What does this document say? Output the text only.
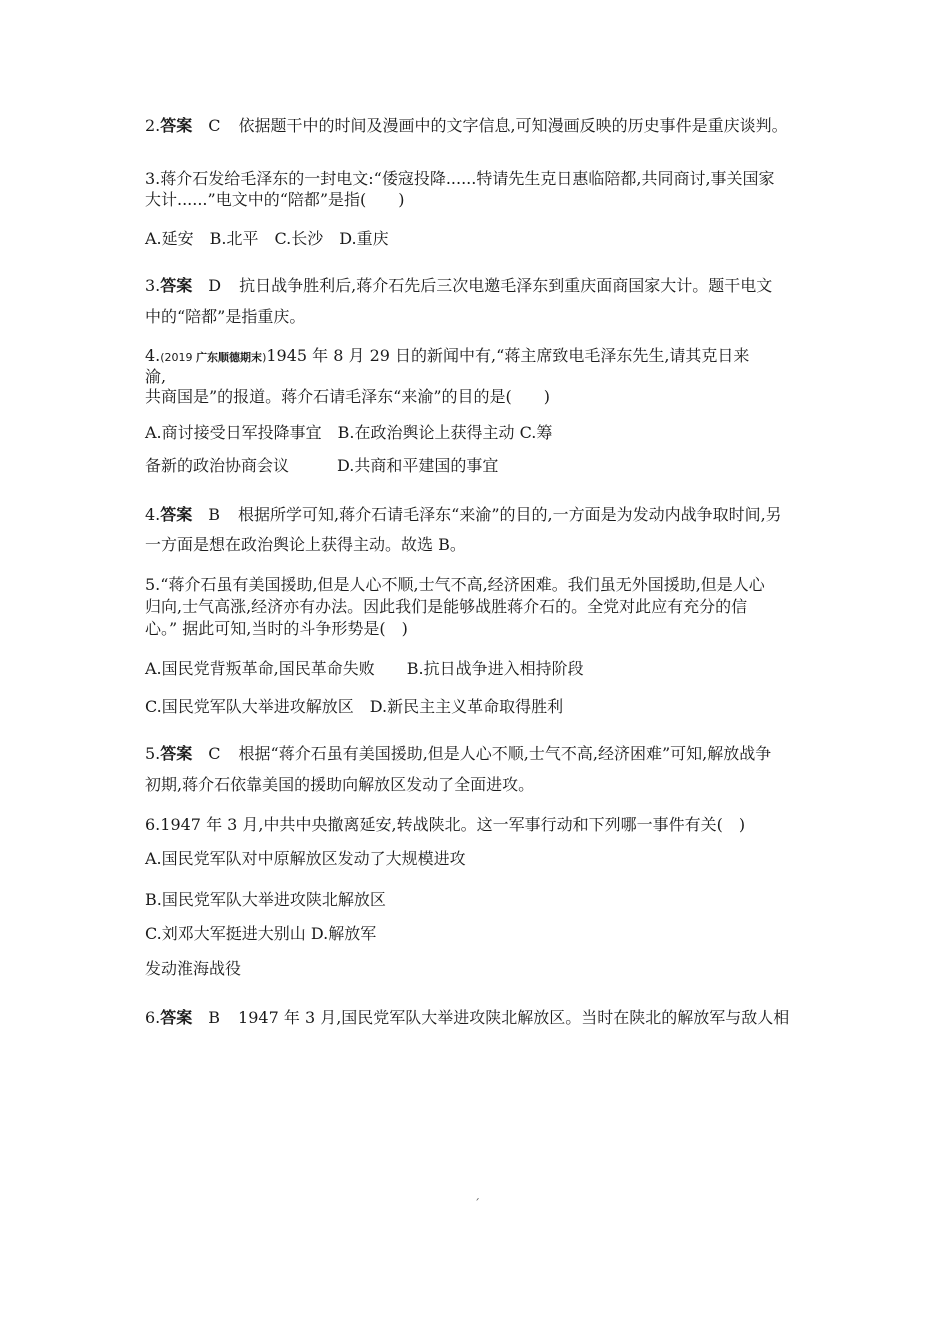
2.答案 C 依据题干中的时间及漫画中的文字信息,可知漫画反映的历史事件是重庆谈判。
3.蒋介石发给毛泽东的一封电文:“倭寇投降......特请先生克日惠临陪都,共同商讨,事关国家
大计......”电文中的“陪都”是指(　　)
A.延安　B.北平　C.长沙　D.重庆
3.答案 D 抗日战争胜利后,蒋介石先后三次电邀毛泽东到重庆面商国家大计。题干电文
中的“陪都”是指重庆。
4.(2019 广东顺德期末)1945 年 8 月 29 日的新闻中有,“蒋主席致电毛泽东先生,请其克日来
渝,
共商国是”的报道。蒋介石请毛泽东“来渝”的目的是(　　)
A.商讨接受日军投降事宜　B.在政治舆论上获得主动 C.筹
备新的政治协商会议　　　D.共商和平建国的事宜
4.答案 B 根据所学可知,蒋介石请毛泽东“来渝”的目的,一方面是为发动内战争取时间,另
一方面是想在政治舆论上获得主动。故选 B。
5.“蒋介石虽有美国援助,但是人心不顺,士气不高,经济困难。我们虽无外国援助,但是人心
归向,士气高涨,经济亦有办法。因此我们是能够战胜蒋介石的。全党对此应有充分的信
心。” 据此可知,当时的斗争形势是(　)
A.国民党背叛革命,国民革命失败　　B.抗日战争进入相持阶段
C.国民党军队大举进攻解放区　D.新民主主义革命取得胜利
5.答案 C 根据“蒋介石虽有美国援助,但是人心不顺,士气不高,经济困难”可知,解放战争
初期,蒋介石依靠美国的援助向解放区发动了全面进攻。
6.1947 年 3 月,中共中央撤离延安,转战陕北。这一军事行动和下列哪一事件有关(　)
A.国民党军队对中原解放区发动了大规模进攻
B.国民党军队大举进攻陕北解放区
C.刘邓大军挺进大别山 D.解放军
发动淮海战役
6.答案 B 1947 年 3 月,国民党军队大举进攻陕北解放区。当时在陕北的解放军与敌人相
ˊ
